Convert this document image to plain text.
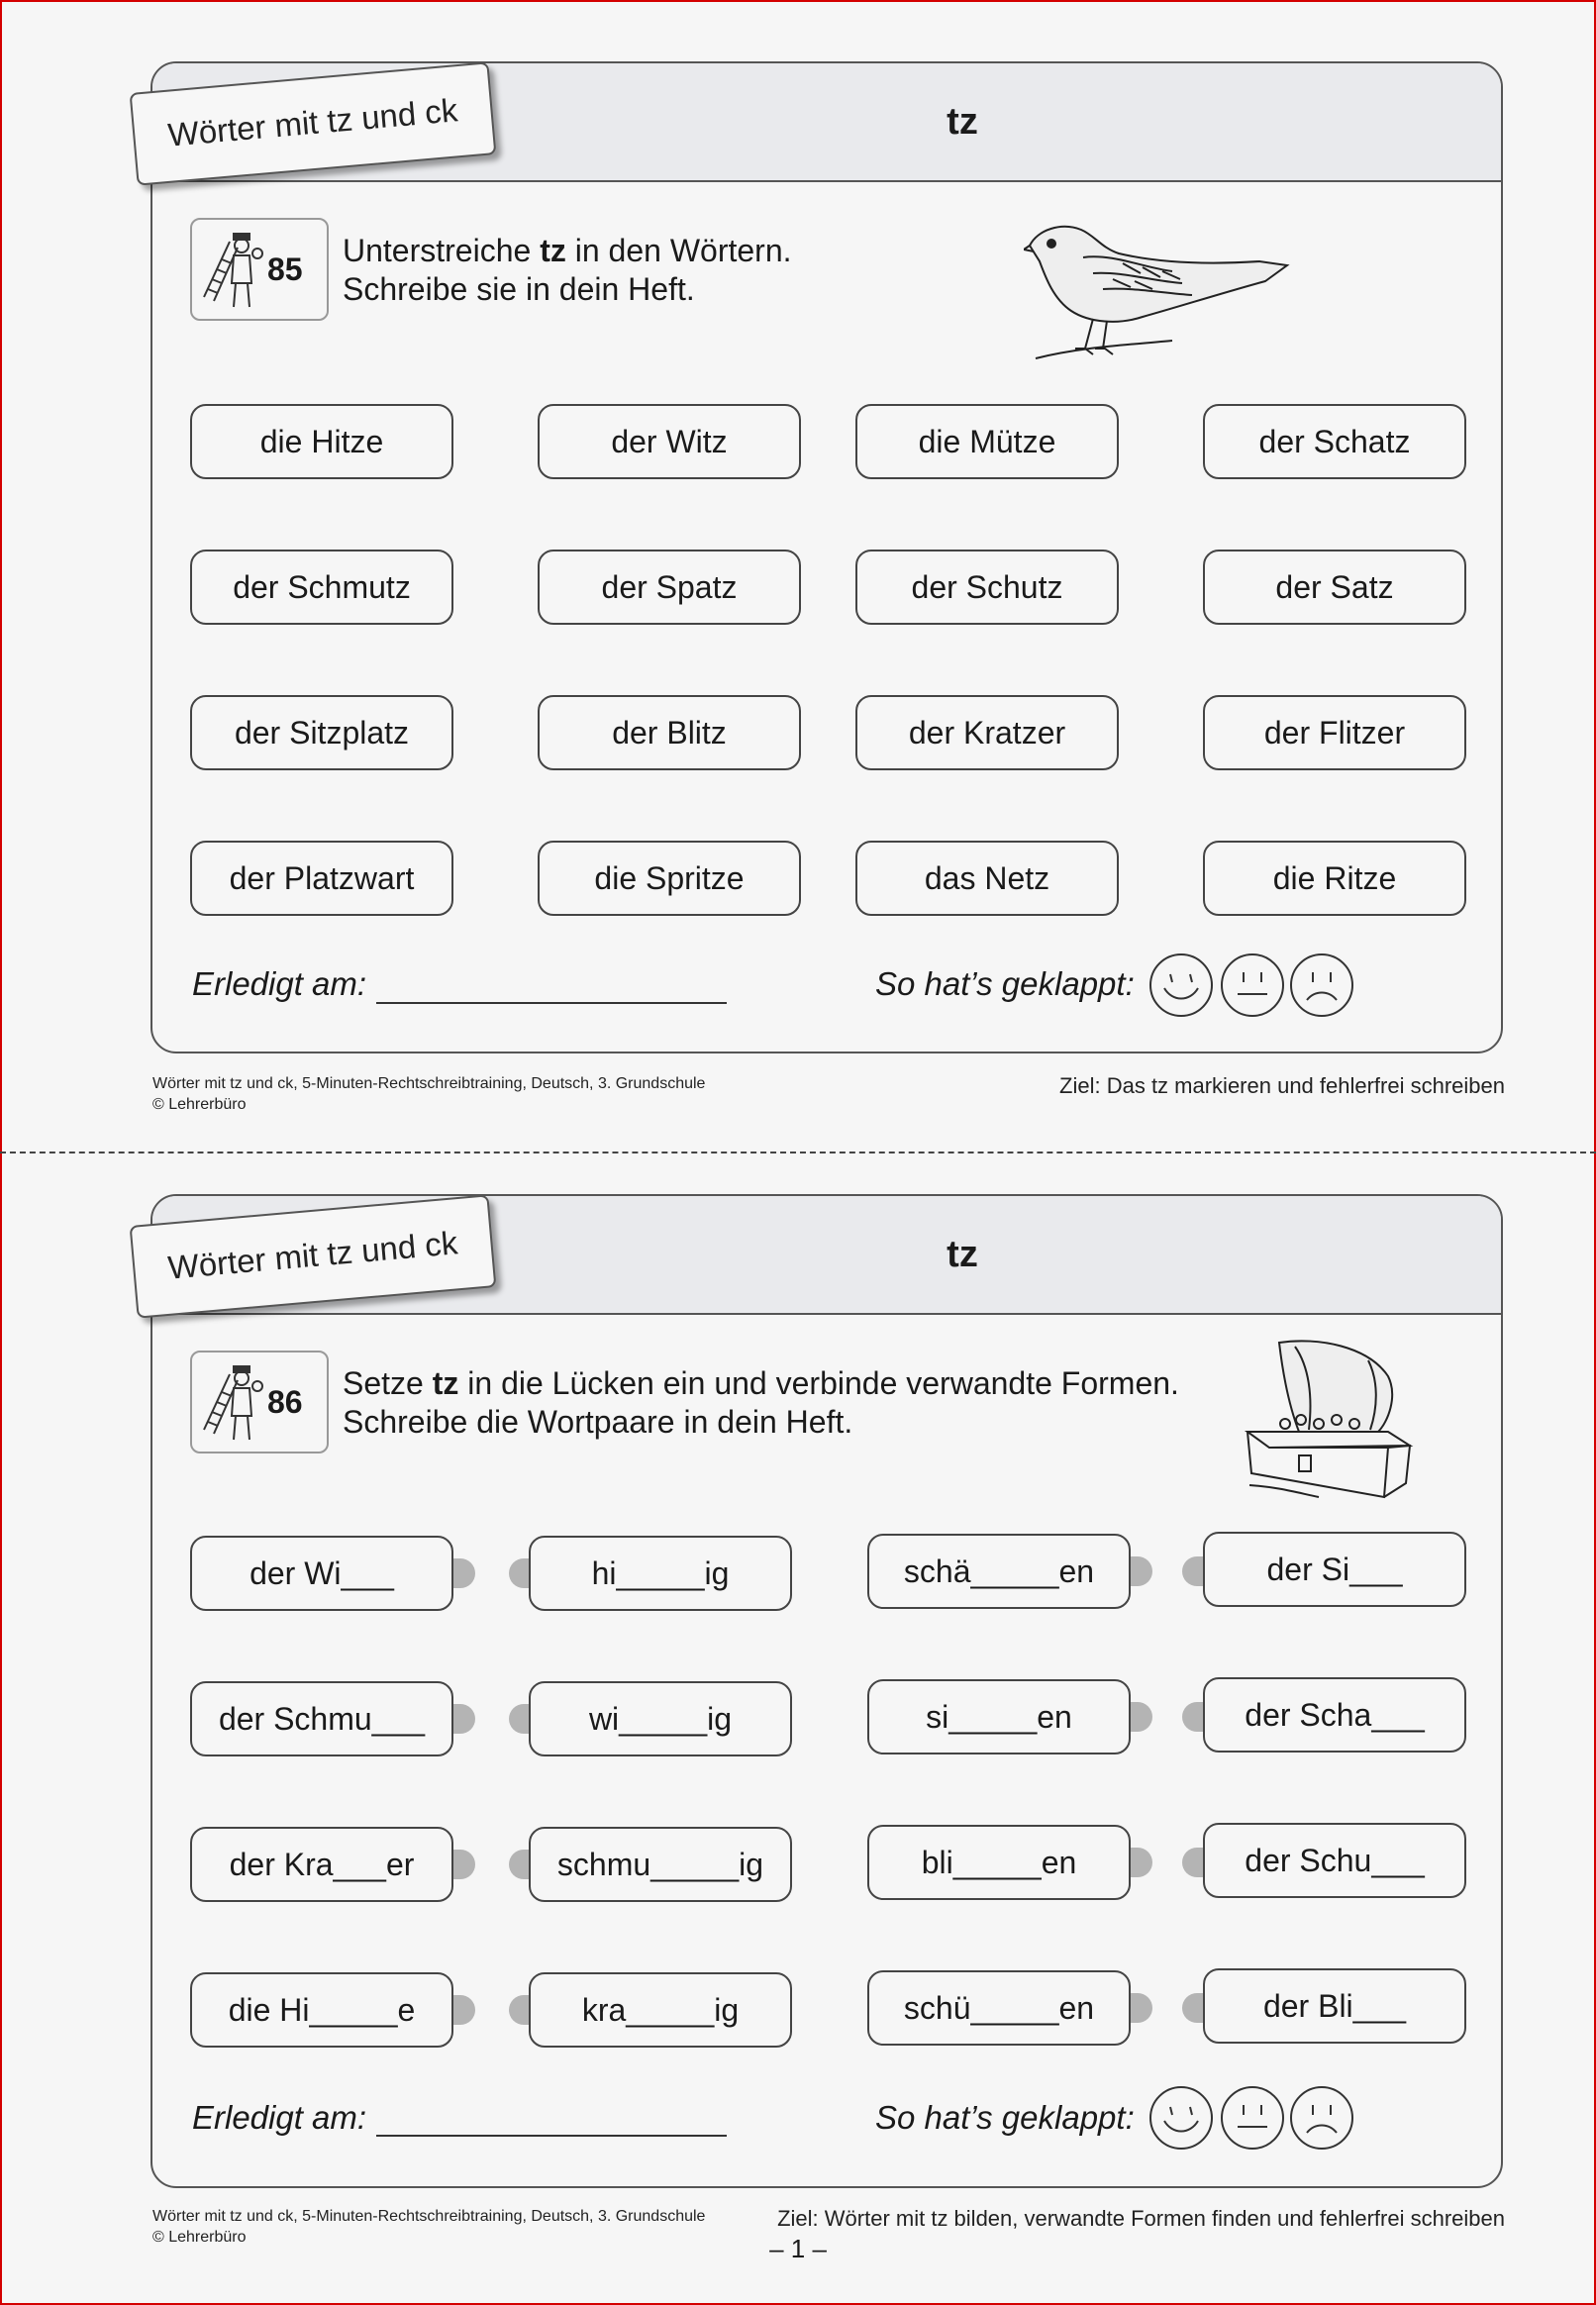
tz
Wörter mit tz und ck
85
Unterstreiche tz in den Wörtern.
Schreibe sie in dein Heft.
die Hitze	der Witz	die Mütze	der Schatz
der Schmutz	der Spatz	der Schutz	der Satz
der Sitzplatz	der Blitz	der Kratzer	der Flitzer
der Platzwart	die Spritze	das Netz	die Ritze
Erledigt am:	So hat’s geklappt:
Wörter mit tz und ck, 5-Minuten-Rechtschreibtraining, Deutsch, 3. Grundschule
© Lehrerbüro
Ziel: Das tz markieren und fehlerfrei schreiben
tz
Wörter mit tz und ck
86
Setze tz in die Lücken ein und verbinde verwandte Formen.
Schreibe die Wortpaare in dein Heft.
der Wi___	hi_____ig	schä_____en	der Si___
der Schmu___	wi_____ig	si_____en	der Scha___
der Kra___er	schmu_____ig	bli_____en	der Schu___
die Hi_____e	kra_____ig	schü_____en	der Bli___
Erledigt am:	So hat’s geklappt:
Wörter mit tz und ck, 5-Minuten-Rechtschreibtraining, Deutsch, 3. Grundschule
© Lehrerbüro
Ziel: Wörter mit tz bilden, verwandte Formen finden und fehlerfrei schreiben
– 1 –
